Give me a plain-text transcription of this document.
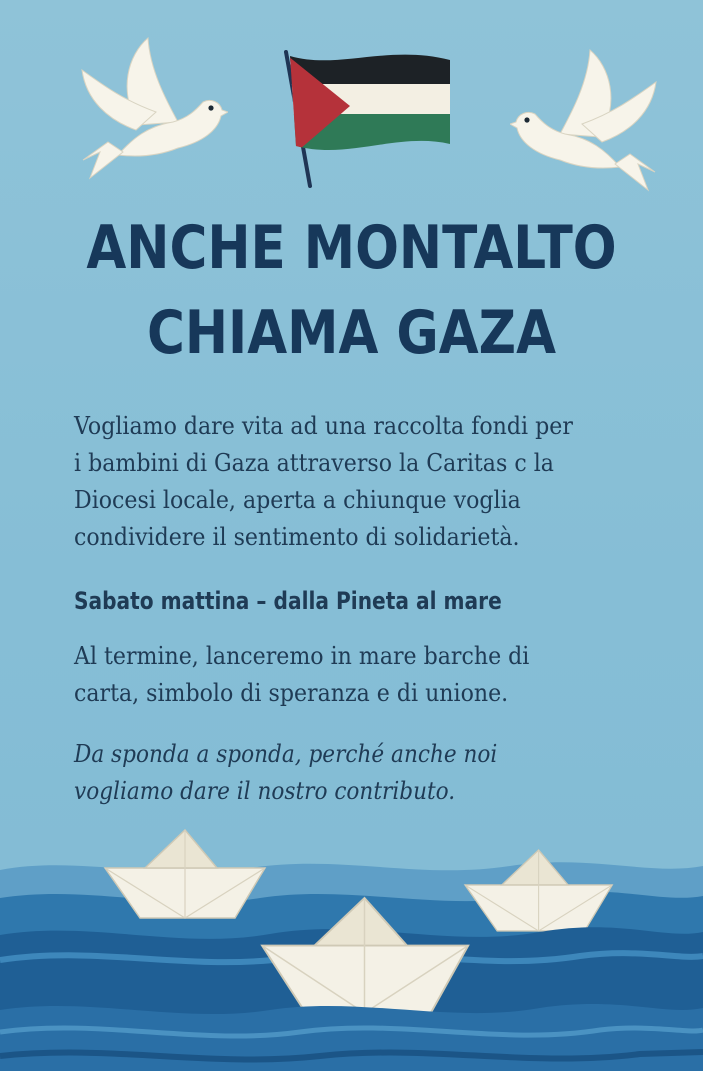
ANCHE MONTALTO
CHIAMA GAZA
Vogliamo dare vita ad una raccolta fondi per
i bambini di Gaza attraverso la Caritas c la
Diocesi locale, aperta a chiunque voglia
condividere il sentimento di solidarietà.
Sabato mattina – dalla Pineta al mare
Al termine, lanceremo in mare barche di
carta, simbolo di speranza e di unione.
Da sponda a sponda, perché anche noi
vogliamo dare il nostro contributo.
